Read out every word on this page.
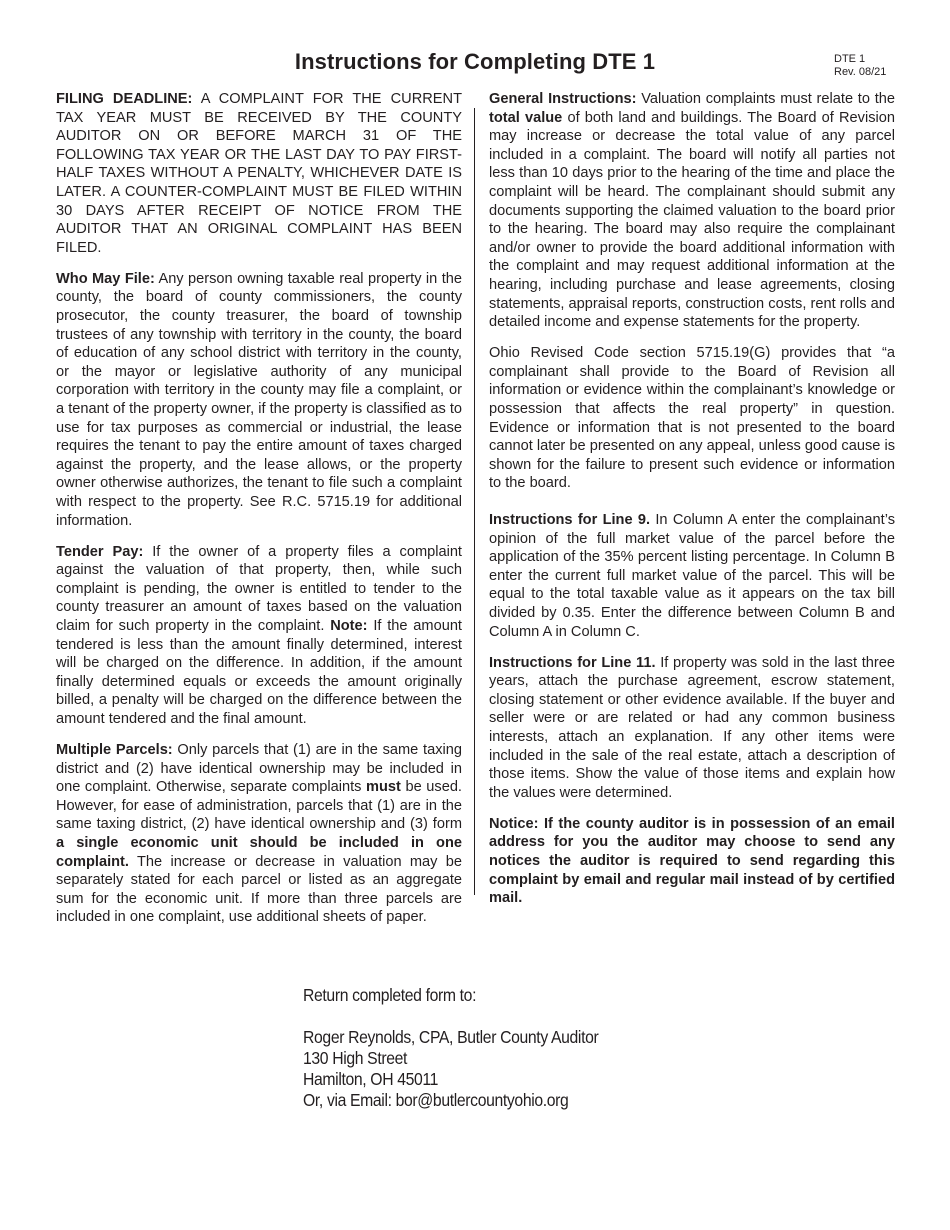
Instructions for Completing DTE 1	DTE 1
Rev. 08/21

FILING DEADLINE: A COMPLAINT FOR THE CURRENT TAX YEAR MUST BE RECEIVED BY THE COUNTY AUDITOR ON OR BEFORE MARCH 31 OF THE FOLLOWING TAX YEAR OR THE LAST DAY TO PAY FIRST-HALF TAXES WITHOUT A PENALTY, WHICHEVER DATE IS LATER. A COUNTER-COMPLAINT MUST BE FILED WITHIN 30 DAYS AFTER RECEIPT OF NOTICE FROM THE AUDITOR THAT AN ORIGINAL COMPLAINT HAS BEEN FILED.

Who May File: Any person owning taxable real property in the county, the board of county commissioners, the county prosecutor, the county treasurer, the board of township trustees of any township with territory in the county, the board of education of any school district with territory in the county, or the mayor or legislative authority of any municipal corporation with territory in the county may file a complaint, or a tenant of the property owner, if the property is classified as to use for tax purposes as commercial or industrial, the lease requires the tenant to pay the entire amount of taxes charged against the property, and the lease allows, or the property owner otherwise authorizes, the tenant to file such a complaint with respect to the property. See R.C. 5715.19 for additional information.

Tender Pay: If the owner of a property files a complaint against the valuation of that property, then, while such complaint is pending, the owner is entitled to tender to the county treasurer an amount of taxes based on the valuation claim for such property in the complaint. Note: If the amount tendered is less than the amount finally determined, interest will be charged on the difference. In addition, if the amount finally determined equals or exceeds the amount originally billed, a penalty will be charged on the difference between the amount tendered and the final amount.

Multiple Parcels: Only parcels that (1) are in the same taxing district and (2) have identical ownership may be included in one complaint. Otherwise, separate complaints must be used. However, for ease of administration, parcels that (1) are in the same taxing district, (2) have identical ownership and (3) form a single economic unit should be included in one complaint. The increase or decrease in valuation may be separately stated for each parcel or listed as an aggregate sum for the economic unit. If more than three parcels are included in one complaint, use additional sheets of paper.

General Instructions: Valuation complaints must relate to the total value of both land and buildings. The Board of Revision may increase or decrease the total value of any parcel included in a complaint. The board will notify all parties not less than 10 days prior to the hearing of the time and place the complaint will be heard. The complainant should submit any documents supporting the claimed valuation to the board prior to the hearing. The board may also require the complainant and/or owner to provide the board additional information with the complaint and may request additional information at the hearing, including purchase and lease agreements, closing statements, appraisal reports, construction costs, rent rolls and detailed income and expense statements for the property.

Ohio Revised Code section 5715.19(G) provides that “a complainant shall provide to the Board of Revision all information or evidence within the complainant’s knowledge or possession that affects the real property” in question. Evidence or information that is not presented to the board cannot later be presented on any appeal, unless good cause is shown for the failure to present such evidence or information to the board.

Instructions for Line 9. In Column A enter the complainant’s opinion of the full market value of the parcel before the application of the 35% percent listing percentage. In Column B enter the current full market value of the parcel. This will be equal to the total taxable value as it appears on the tax bill divided by 0.35. Enter the difference between Column B and Column A in Column C.

Instructions for Line 11. If property was sold in the last three years, attach the purchase agreement, escrow statement, closing statement or other evidence available. If the buyer and seller were or are related or had any common business interests, attach an explanation. If any other items were included in the sale of the real estate, attach a description of those items. Show the value of those items and explain how the values were determined.

Notice: If the county auditor is in possession of an email address for you the auditor may choose to send any notices the auditor is required to send regarding this complaint by email and regular mail instead of by certified mail.

Return completed form to:
Roger Reynolds, CPA, Butler County Auditor
130 High Street
Hamilton, OH 45011
Or, via Email: bor@butlercountyohio.org
